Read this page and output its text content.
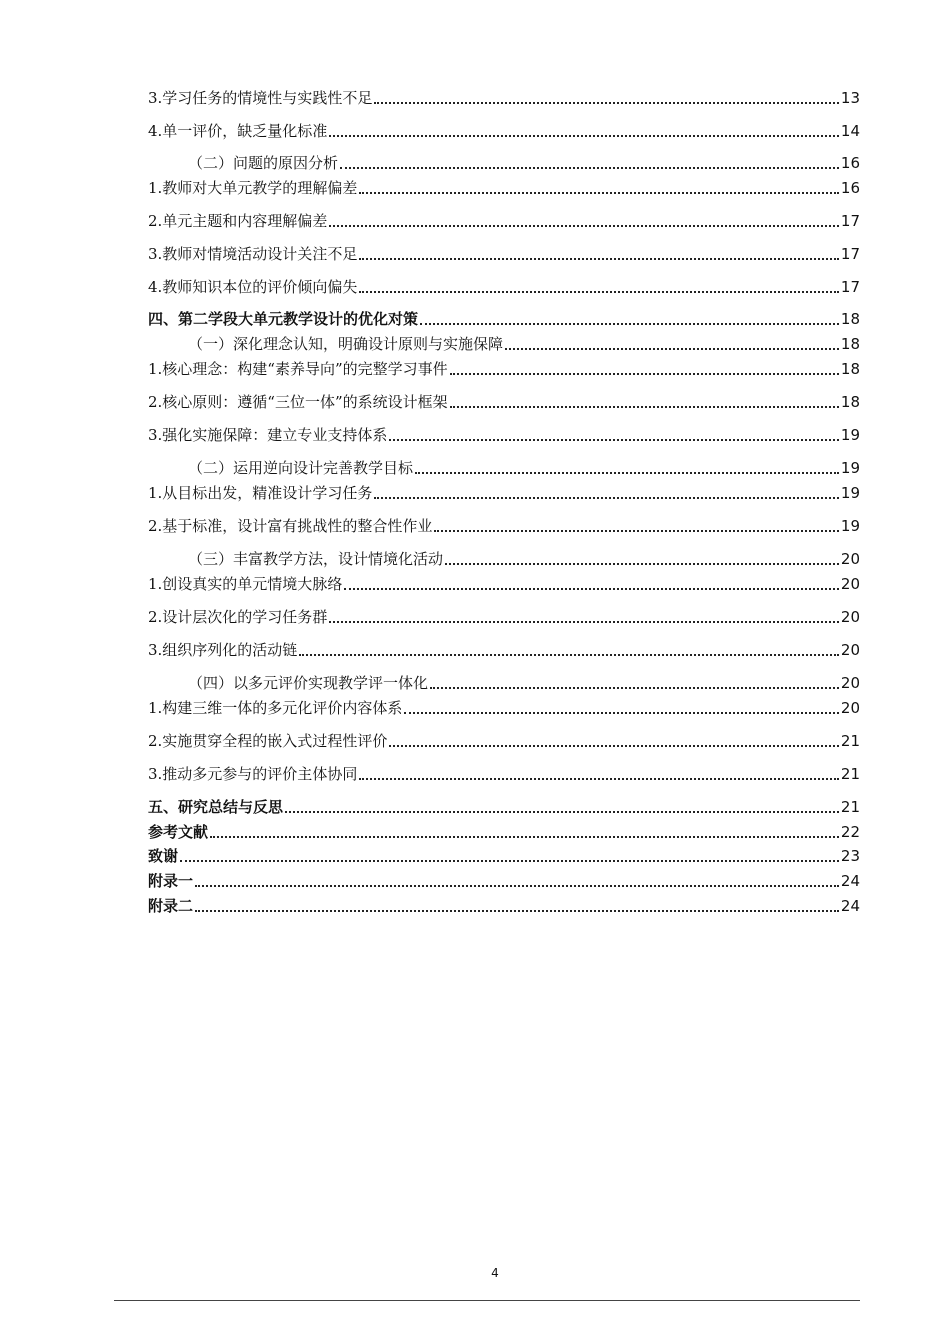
3.学习任务的情境性与实践性不足	13
4.单一评价，缺乏量化标准	14
（二）问题的原因分析	16
1.教师对大单元教学的理解偏差	16
2.单元主题和内容理解偏差	17
3.教师对情境活动设计关注不足	17
4.教师知识本位的评价倾向偏失	17
四、第二学段大单元教学设计的优化对策	18
（一）深化理念认知，明确设计原则与实施保障	18
1.核心理念：构建“素养导向”的完整学习事件	18
2.核心原则：遵循“三位一体”的系统设计框架	18
3.强化实施保障：建立专业支持体系	19
（二）运用逆向设计完善教学目标	19
1.从目标出发，精准设计学习任务	19
2.基于标准，设计富有挑战性的整合性作业	19
（三）丰富教学方法，设计情境化活动	20
1.创设真实的单元情境大脉络	20
2.设计层次化的学习任务群	20
3.组织序列化的活动链	20
（四）以多元评价实现教学评一体化	20
1.构建三维一体的多元化评价内容体系	20
2.实施贯穿全程的嵌入式过程性评价	21
3.推动多元参与的评价主体协同	21
五、研究总结与反思	21
参考文献	22
致谢	23
附录一	24
附录二	24
4
